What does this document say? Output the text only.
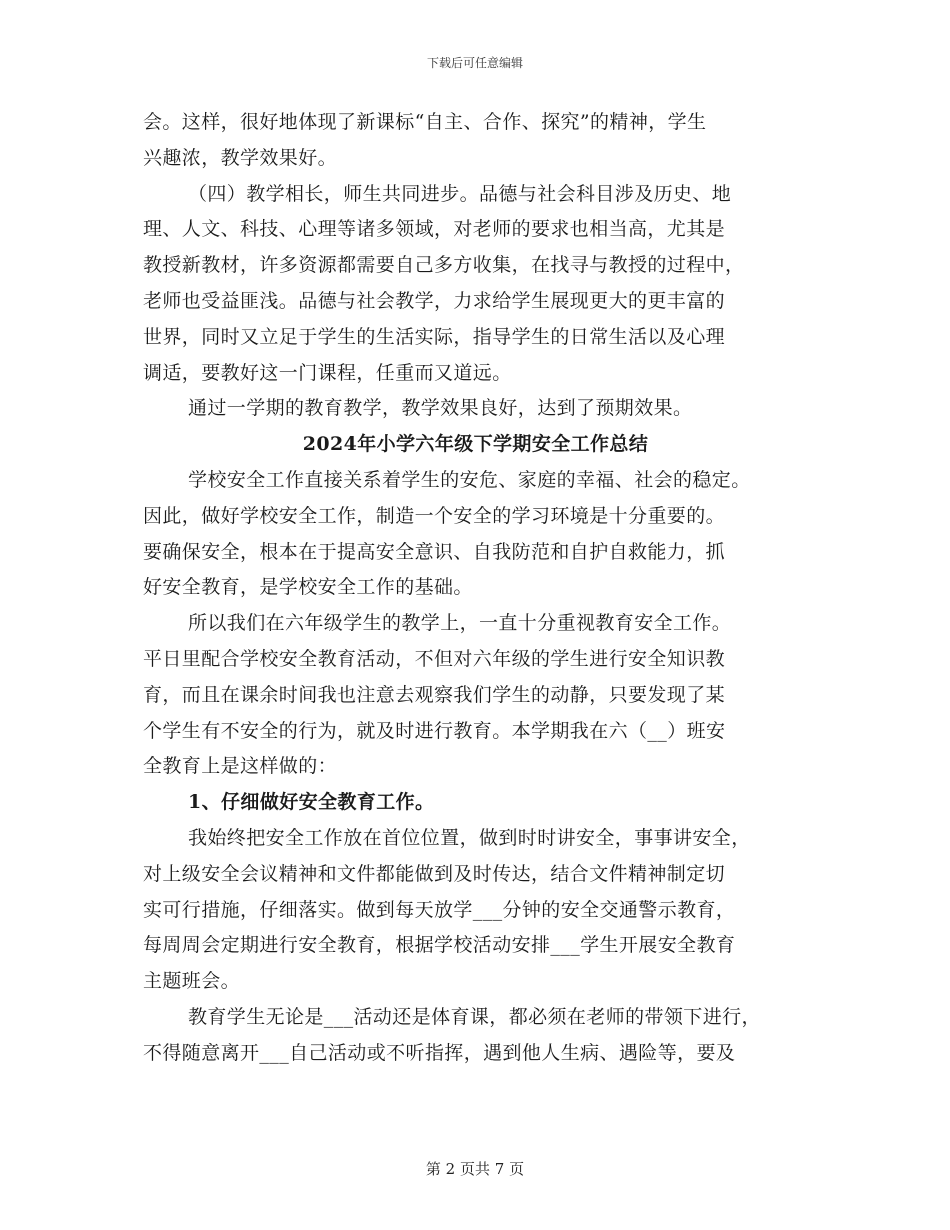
下载后可任意编辑
会。这样，很好地体现了新课标“自主、合作、探究”的精神，学生
兴趣浓，教学效果好。
（四）教学相长，师生共同进步。品德与社会科目涉及历史、地
理、人文、科技、心理等诸多领域，对老师的要求也相当高，尤其是
教授新教材，许多资源都需要自己多方收集，在找寻与教授的过程中，
老师也受益匪浅。品德与社会教学，力求给学生展现更大的更丰富的
世界，同时又立足于学生的生活实际，指导学生的日常生活以及心理
调适，要教好这一门课程，任重而又道远。
通过一学期的教育教学，教学效果良好，达到了预期效果。
2024年小学六年级下学期安全工作总结
学校安全工作直接关系着学生的安危、家庭的幸福、社会的稳定。
因此，做好学校安全工作，制造一个安全的学习环境是十分重要的。
要确保安全，根本在于提高安全意识、自我防范和自护自救能力，抓
好安全教育，是学校安全工作的基础。
所以我们在六年级学生的教学上，一直十分重视教育安全工作。
平日里配合学校安全教育活动，不但对六年级的学生进行安全知识教
育，而且在课余时间我也注意去观察我们学生的动静，只要发现了某
个学生有不安全的行为，就及时进行教育。本学期我在六（__）班安
全教育上是这样做的：
1、仔细做好安全教育工作。
我始终把安全工作放在首位位置，做到时时讲安全，事事讲安全，
对上级安全会议精神和文件都能做到及时传达，结合文件精神制定切
实可行措施，仔细落实。做到每天放学___分钟的安全交通警示教育，
每周周会定期进行安全教育，根据学校活动安排___学生开展安全教育
主题班会。
教育学生无论是___活动还是体育课，都必须在老师的带领下进行，
不得随意离开___自己活动或不听指挥，遇到他人生病、遇险等，要及
第 2 页共 7 页
